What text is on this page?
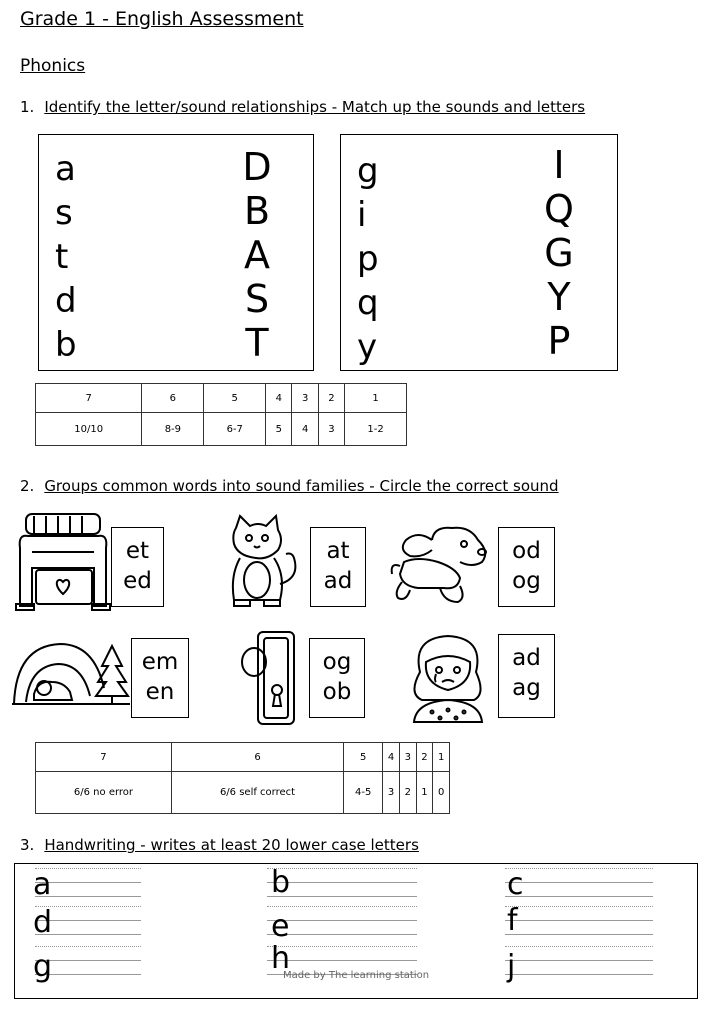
Grade 1 - English Assessment
Phonics
1. Identify the letter/sound relationships - Match up the sounds and letters
a
s
t
d
b
D
B
A
S
T
g
i
p
q
y
I
Q
G
Y
P
7	6	5	4	3	2	1
10/10	8-9	6-7	5	4	3	1-2
2. Groups common words into sound families - Circle the correct sound
et
ed
at
ad
od
og
em
en
og
ob
ad
ag
7	6	5	4	3	2	1
6/6 no error	6/6 self correct	4-5	3	2	1	0
3. Handwriting - writes at least 20 lower case letters
a	b	c
d	e	f
g	h	j
Made by The learning station
